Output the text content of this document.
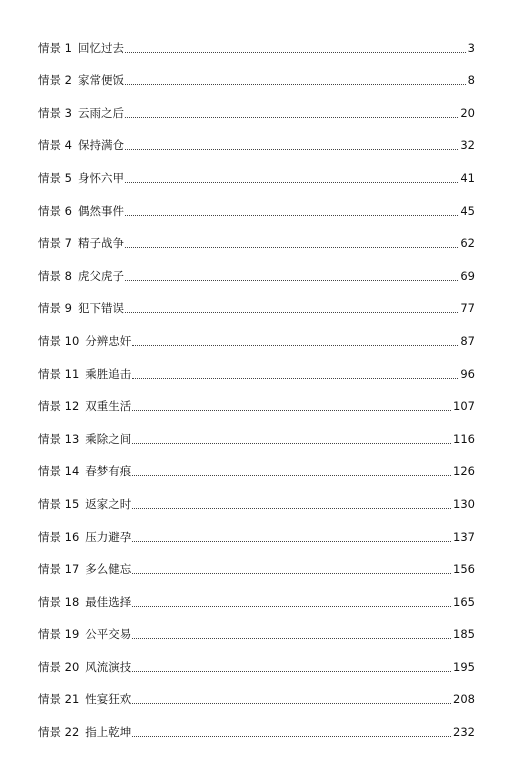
情景 1 回忆过去	3
情景 2 家常便饭	8
情景 3 云雨之后	20
情景 4 保持满仓	32
情景 5 身怀六甲	41
情景 6 偶然事件	45
情景 7 精子战争	62
情景 8 虎父虎子	69
情景 9 犯下错误	77
情景 10 分辨忠奸	87
情景 11 乘胜追击	96
情景 12 双重生活	107
情景 13 乘除之间	116
情景 14 春梦有痕	126
情景 15 返家之时	130
情景 16 压力避孕	137
情景 17 多么健忘	156
情景 18 最佳选择	165
情景 19 公平交易	185
情景 20 风流演技	195
情景 21 性宴狂欢	208
情景 22 指上乾坤	232
